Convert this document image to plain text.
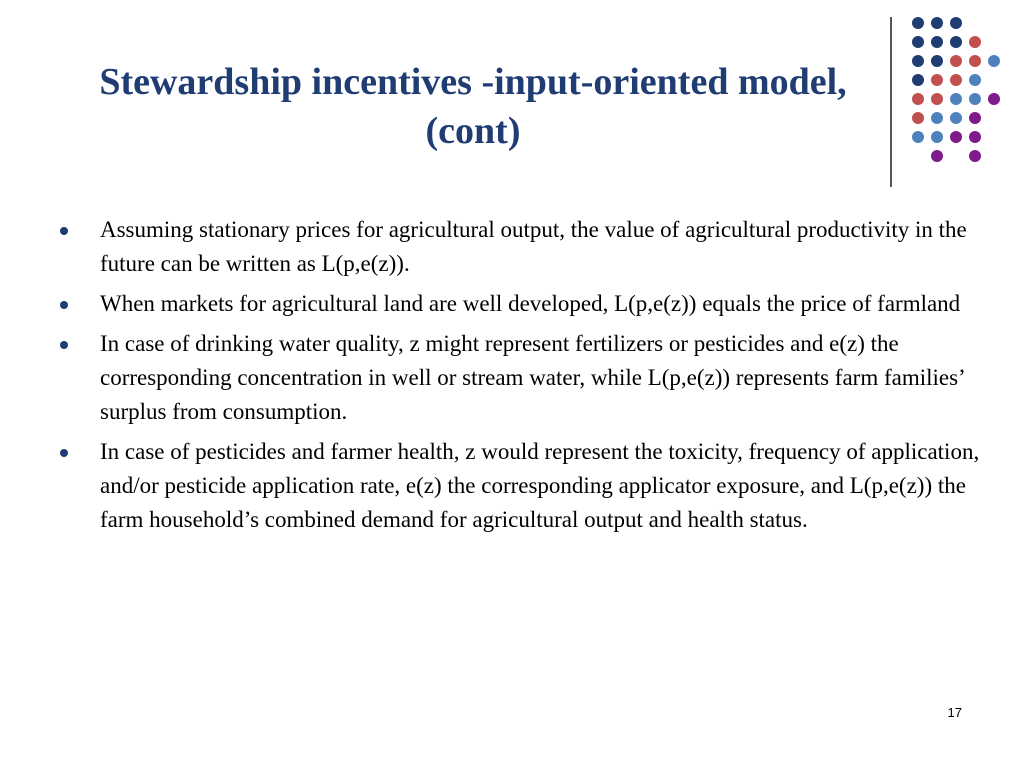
Stewardship incentives -input-oriented model,
(cont)
Assuming stationary prices for agricultural output, the value of agricultural productivity in the future can be written as L(p,e(z)).
When markets for agricultural land are well developed, L(p,e(z)) equals the price of farmland
In case of drinking water quality, z might represent fertilizers or pesticides and e(z) the corresponding concentration in well or stream water, while L(p,e(z)) represents farm families’ surplus from consumption.
In case of pesticides and farmer health, z would represent the toxicity, frequency of application, and/or pesticide application rate, e(z) the corresponding applicator exposure, and L(p,e(z)) the farm household’s combined demand for agricultural output and health status.
17
